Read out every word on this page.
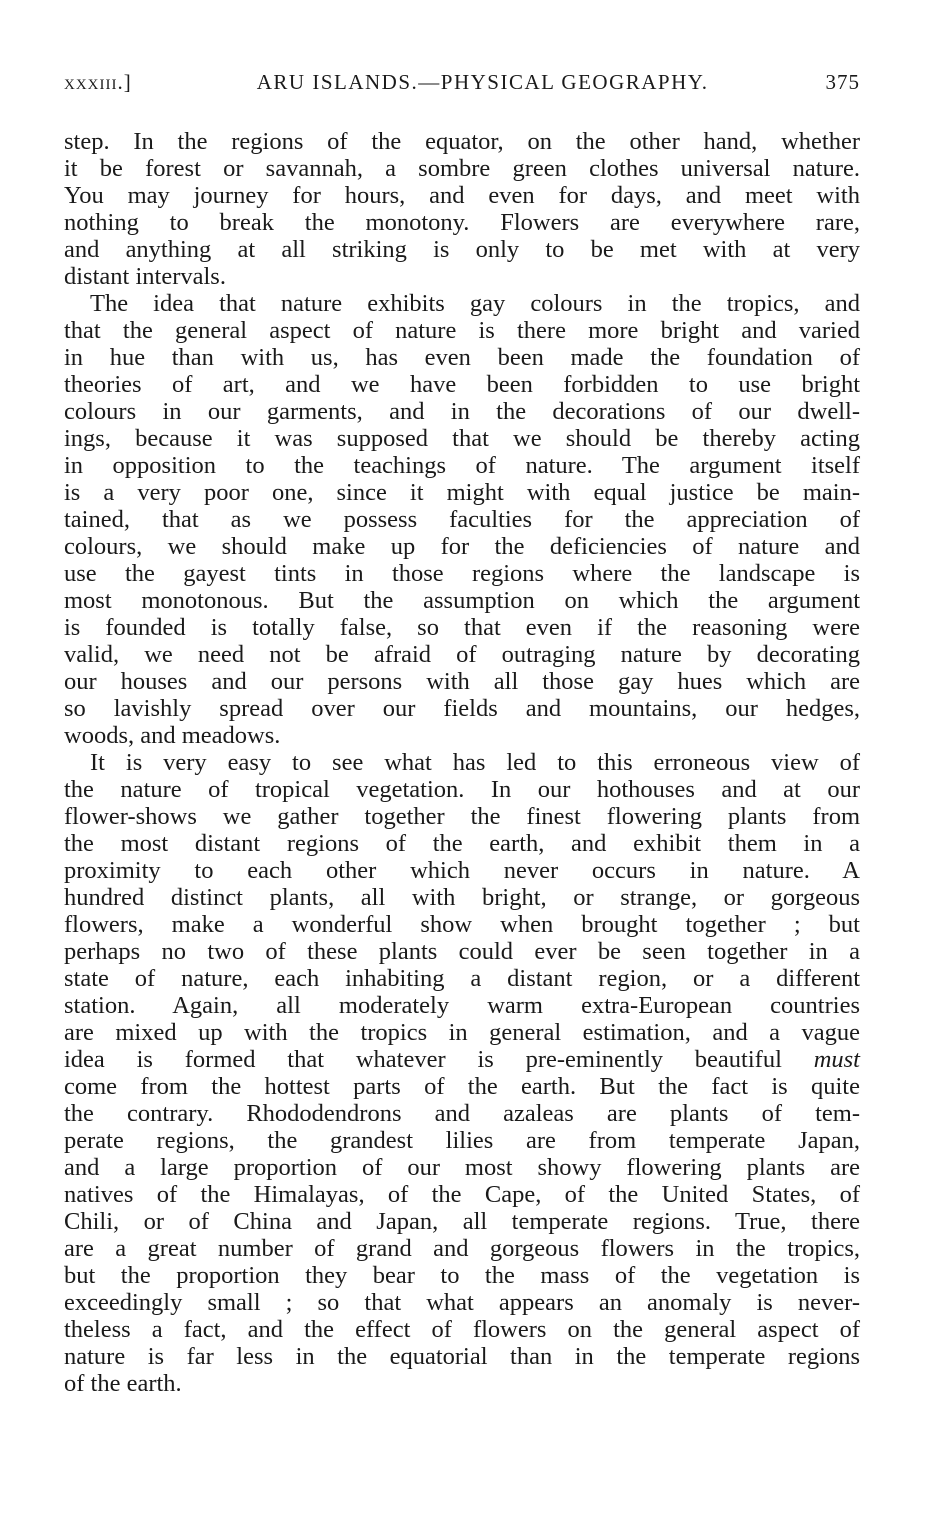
xxxiii.]	ARU ISLANDS.—PHYSICAL GEOGRAPHY.	375
step. In the regions of the equator, on the other hand, whether
it be forest or savannah, a sombre green clothes universal nature.
You may journey for hours, and even for days, and meet with
nothing to break the monotony. Flowers are everywhere rare,
and anything at all striking is only to be met with at very
distant intervals.
The idea that nature exhibits gay colours in the tropics, and
that the general aspect of nature is there more bright and varied
in hue than with us, has even been made the foundation of
theories of art, and we have been forbidden to use bright
colours in our garments, and in the decorations of our dwell-
ings, because it was supposed that we should be thereby acting
in opposition to the teachings of nature. The argument itself
is a very poor one, since it might with equal justice be main-
tained, that as we possess faculties for the appreciation of
colours, we should make up for the deficiencies of nature and
use the gayest tints in those regions where the landscape is
most monotonous. But the assumption on which the argument
is founded is totally false, so that even if the reasoning were
valid, we need not be afraid of outraging nature by decorating
our houses and our persons with all those gay hues which are
so lavishly spread over our fields and mountains, our hedges,
woods, and meadows.
It is very easy to see what has led to this erroneous view of
the nature of tropical vegetation. In our hothouses and at our
flower-shows we gather together the finest flowering plants from
the most distant regions of the earth, and exhibit them in a
proximity to each other which never occurs in nature. A
hundred distinct plants, all with bright, or strange, or gorgeous
flowers, make a wonderful show when brought together ; but
perhaps no two of these plants could ever be seen together in a
state of nature, each inhabiting a distant region, or a different
station. Again, all moderately warm extra-European countries
are mixed up with the tropics in general estimation, and a vague
idea is formed that whatever is pre-eminently beautiful must
come from the hottest parts of the earth. But the fact is quite
the contrary. Rhododendrons and azaleas are plants of tem-
perate regions, the grandest lilies are from temperate Japan,
and a large proportion of our most showy flowering plants are
natives of the Himalayas, of the Cape, of the United States, of
Chili, or of China and Japan, all temperate regions. True, there
are a great number of grand and gorgeous flowers in the tropics,
but the proportion they bear to the mass of the vegetation is
exceedingly small ; so that what appears an anomaly is never-
theless a fact, and the effect of flowers on the general aspect of
nature is far less in the equatorial than in the temperate regions
of the earth.
